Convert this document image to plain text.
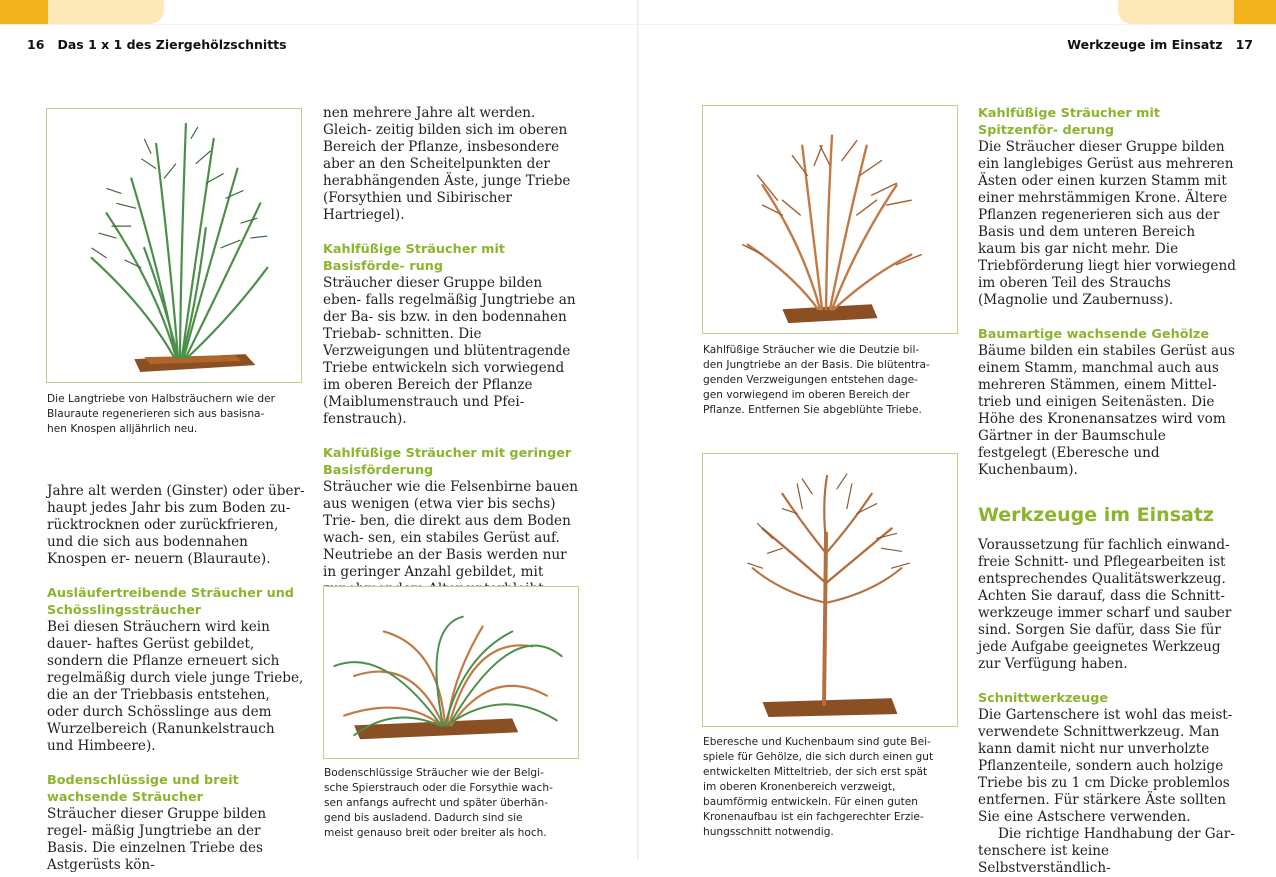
16 Das 1 x 1 des Ziergehölzschnitts	Werkzeuge im Einsatz 17
Die Langtriebe von Halbsträuchern wie der
Blauraute regenerieren sich aus basisna-
hen Knospen alljährlich neu.

Jahre alt werden (Ginster) oder über- haupt jedes Jahr bis zum Boden zu- rücktrocknen oder zurückfrieren, und die sich aus bodennahen Knospen er- neuern (Blauraute).

Ausläufertreibende Sträucher und Schösslingssträucher

Bei diesen Sträuchern wird kein dauer- haftes Gerüst gebildet, sondern die Pflanze erneuert sich regelmäßig durch viele junge Triebe, die an der Triebbasis entstehen, oder durch Schösslinge aus dem Wurzelbereich (Ranunkelstrauch und Himbeere).

Bodenschlüssige und breit wachsende Sträucher

Sträucher dieser Gruppe bilden regel- mäßig Jungtriebe an der Basis. Die einzelnen Triebe des Astgerüsts kön-

nen mehrere Jahre alt werden. Gleich- zeitig bilden sich im oberen Bereich der Pflanze, insbesondere aber an den Scheitelpunkten der herabhängenden Äste, junge Triebe (Forsythien und Sibirischer Hartriegel).

Kahlfüßige Sträucher mit Basisförde- rung

Sträucher dieser Gruppe bilden eben- falls regelmäßig Jungtriebe an der Ba- sis bzw. in den bodennahen Triebab- schnitten. Die Verzweigungen und blütentragende Triebe entwickeln sich vorwiegend im oberen Bereich der Pflanze (Maiblumenstrauch und Pfei- fenstrauch).

Kahlfüßige Sträucher mit geringer Basisförderung

Sträucher wie die Felsenbirne bauen aus wenigen (etwa vier bis sechs) Trie- ben, die direkt aus dem Boden wach- sen, ein stabiles Gerüst auf. Neutriebe an der Basis werden nur in geringer Anzahl gebildet, mit

Bodenschlüssige Sträucher wie der Belgi-
sche Spierstrauch oder die Forsythie wach-
sen anfangs aufrecht und später überhän-
gend bis ausladend. Dadurch sind sie
meist genauso breit oder breiter als hoch.
Kahlfüßige Sträucher wie die Deutzie bil-
den Jungtriebe an der Basis. Die blütentra-
genden Verzweigungen entstehen dage-
gen vorwiegend im oberen Bereich der
Pflanze. Entfernen Sie abgeblühte Triebe.
Eberesche und Kuchenbaum sind gute Bei-
spiele für Gehölze, die sich durch einen gut
entwickelten Mitteltrieb, der sich erst spät
im oberen Kronenbereich verzweigt,
baumförmig entwickeln. Für einen guten
Kronenaufbau ist ein fachgerechter Erzie-
hungsschnitt notwendig.
Kahlfüßige Sträucher mit Spitzenför- derung

Die Sträucher dieser Gruppe bilden ein langlebiges Gerüst aus mehreren Ästen oder einen kurzen Stamm mit einer mehrstämmigen Krone. Ältere Pflanzen regenerieren sich aus der Basis und dem unteren Bereich kaum bis gar nicht mehr. Die Triebförderung liegt hier vorwiegend im oberen Teil des Strauchs (Magnolie und Zaubernuss).

Baumartige wachsende Gehölze

Bäume bilden ein stabiles Gerüst aus einem Stamm, manchmal auch aus mehreren Stämmen, einem Mittel- trieb und einigen Seitenästen. Die Höhe des Kronenansatzes wird vom Gärtner in der Baumschule festgelegt (Eberesche und Kuchenbaum).

Werkzeuge im Einsatz

Voraussetzung für fachlich einwand- freie Schnitt- und Pflegearbeiten ist entsprechendes Qualitätswerkzeug. Achten Sie darauf, dass die Schnitt- werkzeuge immer scharf und sauber sind. Sorgen Sie dafür, dass Sie für jede Aufgabe geeignetes Werkzeug zur Verfügung haben.

Schnittwerkzeuge

Die Gartenschere ist wohl das meist- verwendete Schnittwerkzeug. Man kann damit nicht nur unverholzte Pflanzenteile, sondern auch holzige Triebe bis zu 1 cm Dicke problemlos entfernen. Für stärkere Äste sollten Sie eine Astschere verwenden.

Die richtige Handhabung der Gar- tenschere ist keine Selbstverständlich-
